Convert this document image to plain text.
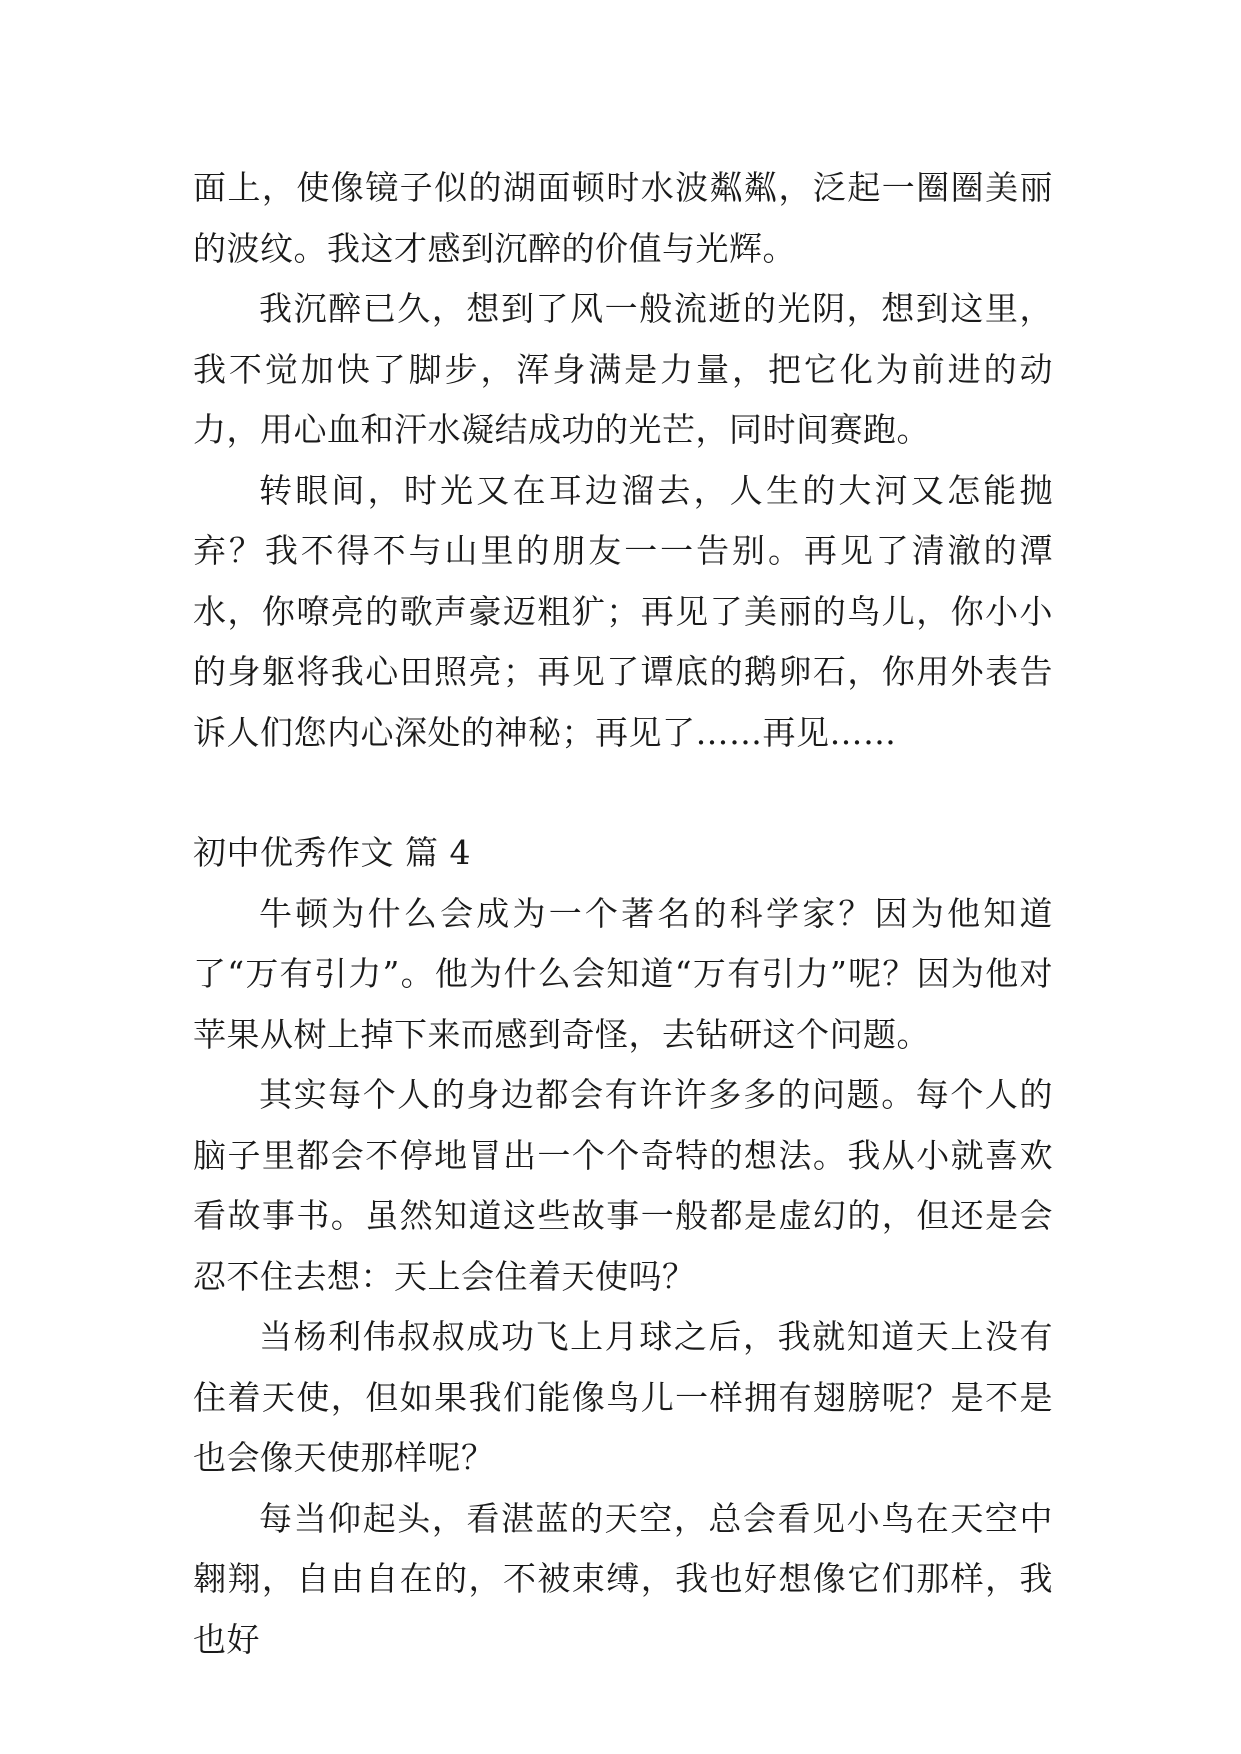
面上，使像镜子似的湖面顿时水波粼粼，泛起一圈圈美丽的波纹。我这才感到沉醉的价值与光辉。

我沉醉已久，想到了风一般流逝的光阴，想到这里，我不觉加快了脚步，浑身满是力量，把它化为前进的动力，用心血和汗水凝结成功的光芒，同时间赛跑。

转眼间，时光又在耳边溜去，人生的大河又怎能抛弃？我不得不与山里的朋友一一告别。再见了清澈的潭水，你嘹亮的歌声豪迈粗犷；再见了美丽的鸟儿，你小小的身躯将我心田照亮；再见了谭底的鹅卵石，你用外表告诉人们您内心深处的神秘；再见了……再见……

初中优秀作文 篇 4

牛顿为什么会成为一个著名的科学家？因为他知道了“万有引力”。他为什么会知道“万有引力”呢？因为他对苹果从树上掉下来而感到奇怪，去钻研这个问题。

其实每个人的身边都会有许许多多的问题。每个人的脑子里都会不停地冒出一个个奇特的想法。我从小就喜欢看故事书。虽然知道这些故事一般都是虚幻的，但还是会忍不住去想：天上会住着天使吗？

当杨利伟叔叔成功飞上月球之后，我就知道天上没有住着天使，但如果我们能像鸟儿一样拥有翅膀呢？是不是也会像天使那样呢？

每当仰起头，看湛蓝的天空，总会看见小鸟在天空中翱翔，自由自在的，不被束缚，我也好想像它们那样，我也好
